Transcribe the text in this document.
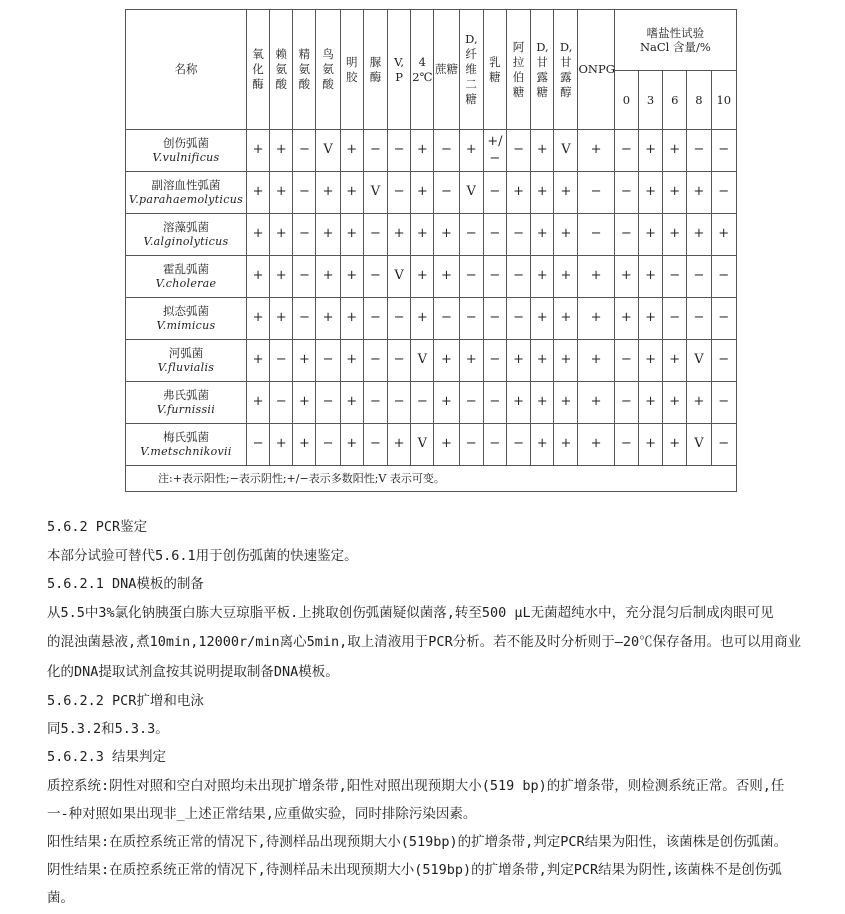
名称	氧化酶	赖氨酸	精氨酸	鸟氨酸	明胶	脲酶	V,P	42℃	蔗糖	D,纤维二糖	乳糖	阿拉伯糖	D,甘露糖	D,甘露醇	ONPG	嗜盐性试验
NaCl 含量/%				

																0	3	6	8	10

创伤弧菌
V.vulnificus	+	+	−	V	+	−	−	+	−	+	+/−	−	+	V	+	−	+	+	−	−

副溶血性弧菌
V.parahaemolyticus	+	+	−	+	+	V	−	+	−	V	−	+	+	+	−	−	+	+	+	−

溶藻弧菌
V.alginolyticus	+	+	−	+	+	−	+	+	+	−	−	−	+	+	−	−	+	+	+	+

霍乱弧菌
V.cholerae	+	+	−	+	+	−	V	+	+	−	−	−	+	+	+	+	+	−	−	−

拟态弧菌
V.mimicus	+	+	−	+	+	−	−	+	−	−	−	−	+	+	+	+	+	−	−	−

河弧菌
V.fluvialis	+	−	+	−	+	−	−	V	+	+	−	+	+	+	+	−	+	+	V	−

弗氏弧菌
V.furnissii	+	−	+	−	+	−	−	−	+	−	−	+	+	+	+	−	+	+	+	−

梅氏弧菌
V.metschnikovii	−	+	+	−	+	−	+	V	+	−	−	−	+	+	+	−	+	+	V	−
注:+表示阳性;−表示阴性;+/−表示多数阳性;V 表示可变。																				
5.6.2 PCR鉴定
本部分试验可替代5.6.1用于创伤弧菌的快速鉴定。
5.6.2.1 DNA模板的制备
从5.5中3%氯化钠胰蛋白胨大豆琼脂平板.上挑取创伤弧菌疑似菌落,转至500 μL无菌超纯水中，充分混匀后制成肉眼可见
的混浊菌悬液,煮10min,12000r/min离心5min,取上清液用于PCR分析。若不能及时分析则于—20℃保存备用。也可以用商业
化的DNA提取试剂盒按其说明提取制备DNA模板。
5.6.2.2 PCR扩增和电泳
同5.3.2和5.3.3。
5.6.2.3 结果判定
质控系统:阴性对照和空白对照均未出现扩增条带,阳性对照出现预期大小(519 bp)的扩增条带，则检测系统正常。否则,任
一-种对照如果出现非_上述正常结果,应重做实验，同时排除污染因素。
阳性结果:在质控系统正常的情况下,待测样品出现预期大小(519bp)的扩增条带,判定PCR结果为阳性，该菌株是创伤弧菌。
阴性结果:在质控系统正常的情况下,待测样品未出现预期大小(519bp)的扩增条带,判定PCR结果为阴性,该菌株不是创伤弧
菌。
